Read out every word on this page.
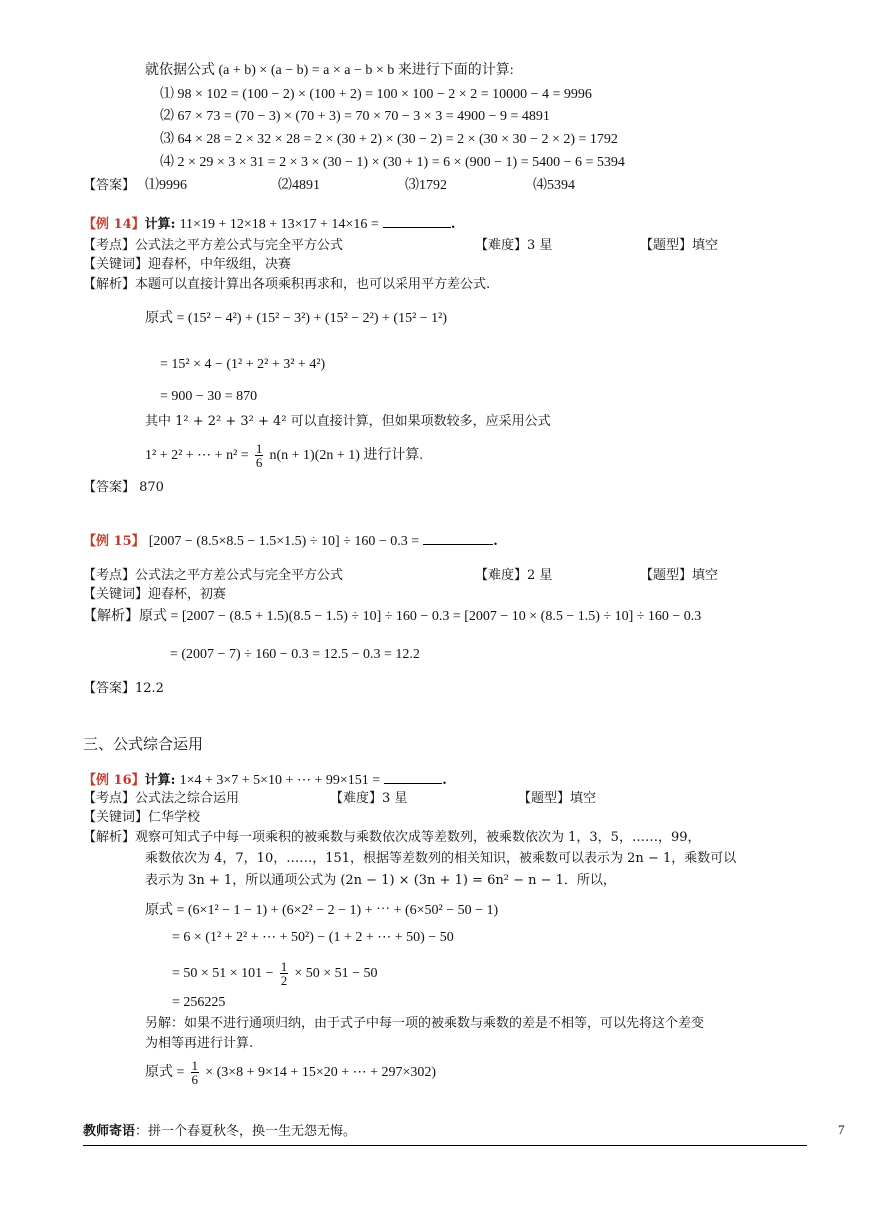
就依据公式 (a + b) × (a − b) = a × a − b × b 来进行下面的计算:
⑴ 98 × 102 = (100 − 2) × (100 + 2) = 100 × 100 − 2 × 2 = 10000 − 4 = 9996
⑵ 67 × 73 = (70 − 3) × (70 + 3) = 70 × 70 − 3 × 3 = 4900 − 9 = 4891
⑶ 64 × 28 = 2 × 32 × 28 = 2 × (30 + 2) × (30 − 2) = 2 × (30 × 30 − 2 × 2) = 1792
⑷ 2 × 29 × 3 × 31 = 2 × 3 × (30 − 1) × (30 + 1) = 6 × (900 − 1) = 5400 − 6 = 5394
【答案】 ⑴9996	⑵4891	⑶1792	⑷5394
【例 14】计算: 11×19 + 12×18 + 13×17 + 14×16 =	.
【考点】公式法之平方差公式与完全平方公式	【难度】3 星	【题型】填空
【关键词】迎春杯，中年级组，决赛
【解析】本题可以直接计算出各项乘积再求和，也可以采用平方差公式.
原式 = (15² − 4²) + (15² − 3²) + (15² − 2²) + (15² − 1²)
= 15² × 4 − (1² + 2² + 3² + 4²)
= 900 − 30 = 870
其中 1² + 2² + 3² + 4² 可以直接计算，但如果项数较多，应采用公式
1² + 2² + ⋯ + $n^2 = \frac{1}{6} n(n + 1)(2n + 1)$ 进行计算.
【答案】 870
【例 15】 [2007 − (8.5×8.5 − 1.5×1.5) ÷ 10] ÷ 160 − 0.3 =	.
【考点】公式法之平方差公式与完全平方公式	【难度】2 星	【题型】填空
【关键词】迎春杯，初赛
【解析】原式 = [2007 − (8.5 + 1.5)(8.5 − 1.5) ÷ 10] ÷ 160 − 0.3 = [2007 − 10 × (8.5 − 1.5) ÷ 10] ÷ 160 − 0.3
= (2007 − 7) ÷ 160 − 0.3 = 12.5 − 0.3 = 12.2
【答案】12.2
三、公式综合运用
【例 16】计算: 1×4 + 3×7 + 5×10 + ⋯ + 99×151 =	.
【考点】公式法之综合运用	【难度】3 星	【题型】填空
【关键词】仁华学校
【解析】观察可知式子中每一项乘积的被乘数与乘数依次成等差数列，被乘数依次为 1，3，5，……，99，
乘数依次为 4，7，10，……，151，根据等差数列的相关知识，被乘数可以表示为 2n − 1，乘数可以
表示为 3n + 1，所以通项公式为 (2n − 1) × (3n + 1) = 6n² − n − 1．所以，
原式 = (6×1² − 1 − 1) + (6×2² − 2 − 1) + ⋯ + (6×50² − 50 − 1)
= 6 × (1² + 2² + ⋯ + 50²) − (1 + 2 + ⋯ + 50) − 50
= $50 \times 51 \times 101 - \frac{1}{2} \times 50 \times 51 - 50$
= 256225
另解：如果不进行通项归纳，由于式子中每一项的被乘数与乘数的差是不相等，可以先将这个差变
为相等再进行计算.
原式 = $\frac{1}{6} \times (3\times 8 + 9\times 14 + 15\times 20$ + ⋯ + 297×302)
教师寄语：拼一个春夏秋冬，换一生无怨无悔。	7
